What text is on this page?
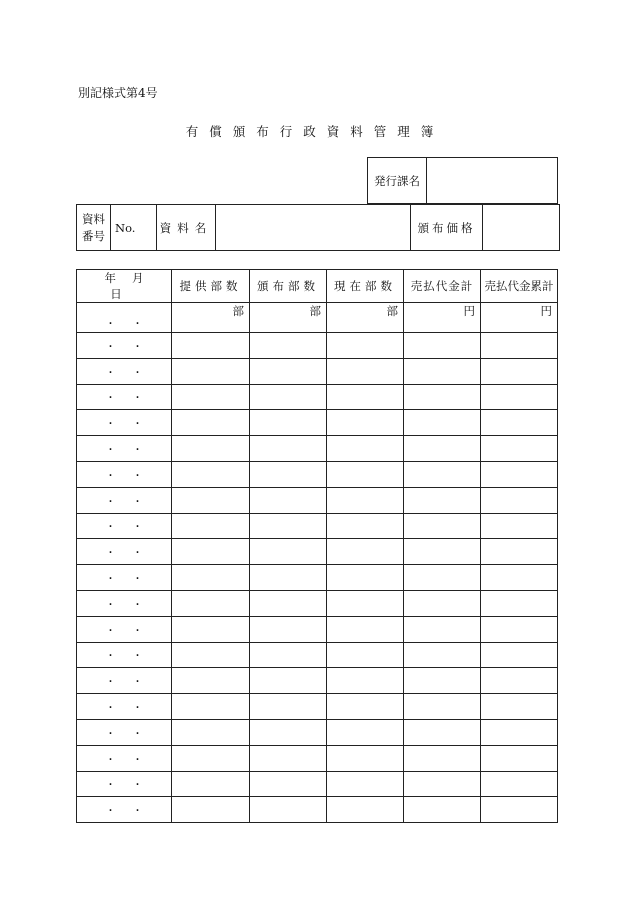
別記様式第4号
有償頒布行政資料管理簿
発行課名	
資料
番号	No.	資料名		頒布価格	
年月日	提供部数	頒布部数	現在部数	売払代金計	売払代金累計
・・	部	部	部	円	円
・・					
・・					
・・					
・・					
・・					
・・					
・・					
・・					
・・					
・・					
・・					
・・					
・・					
・・					
・・					
・・					
・・					
・・					
・・					
